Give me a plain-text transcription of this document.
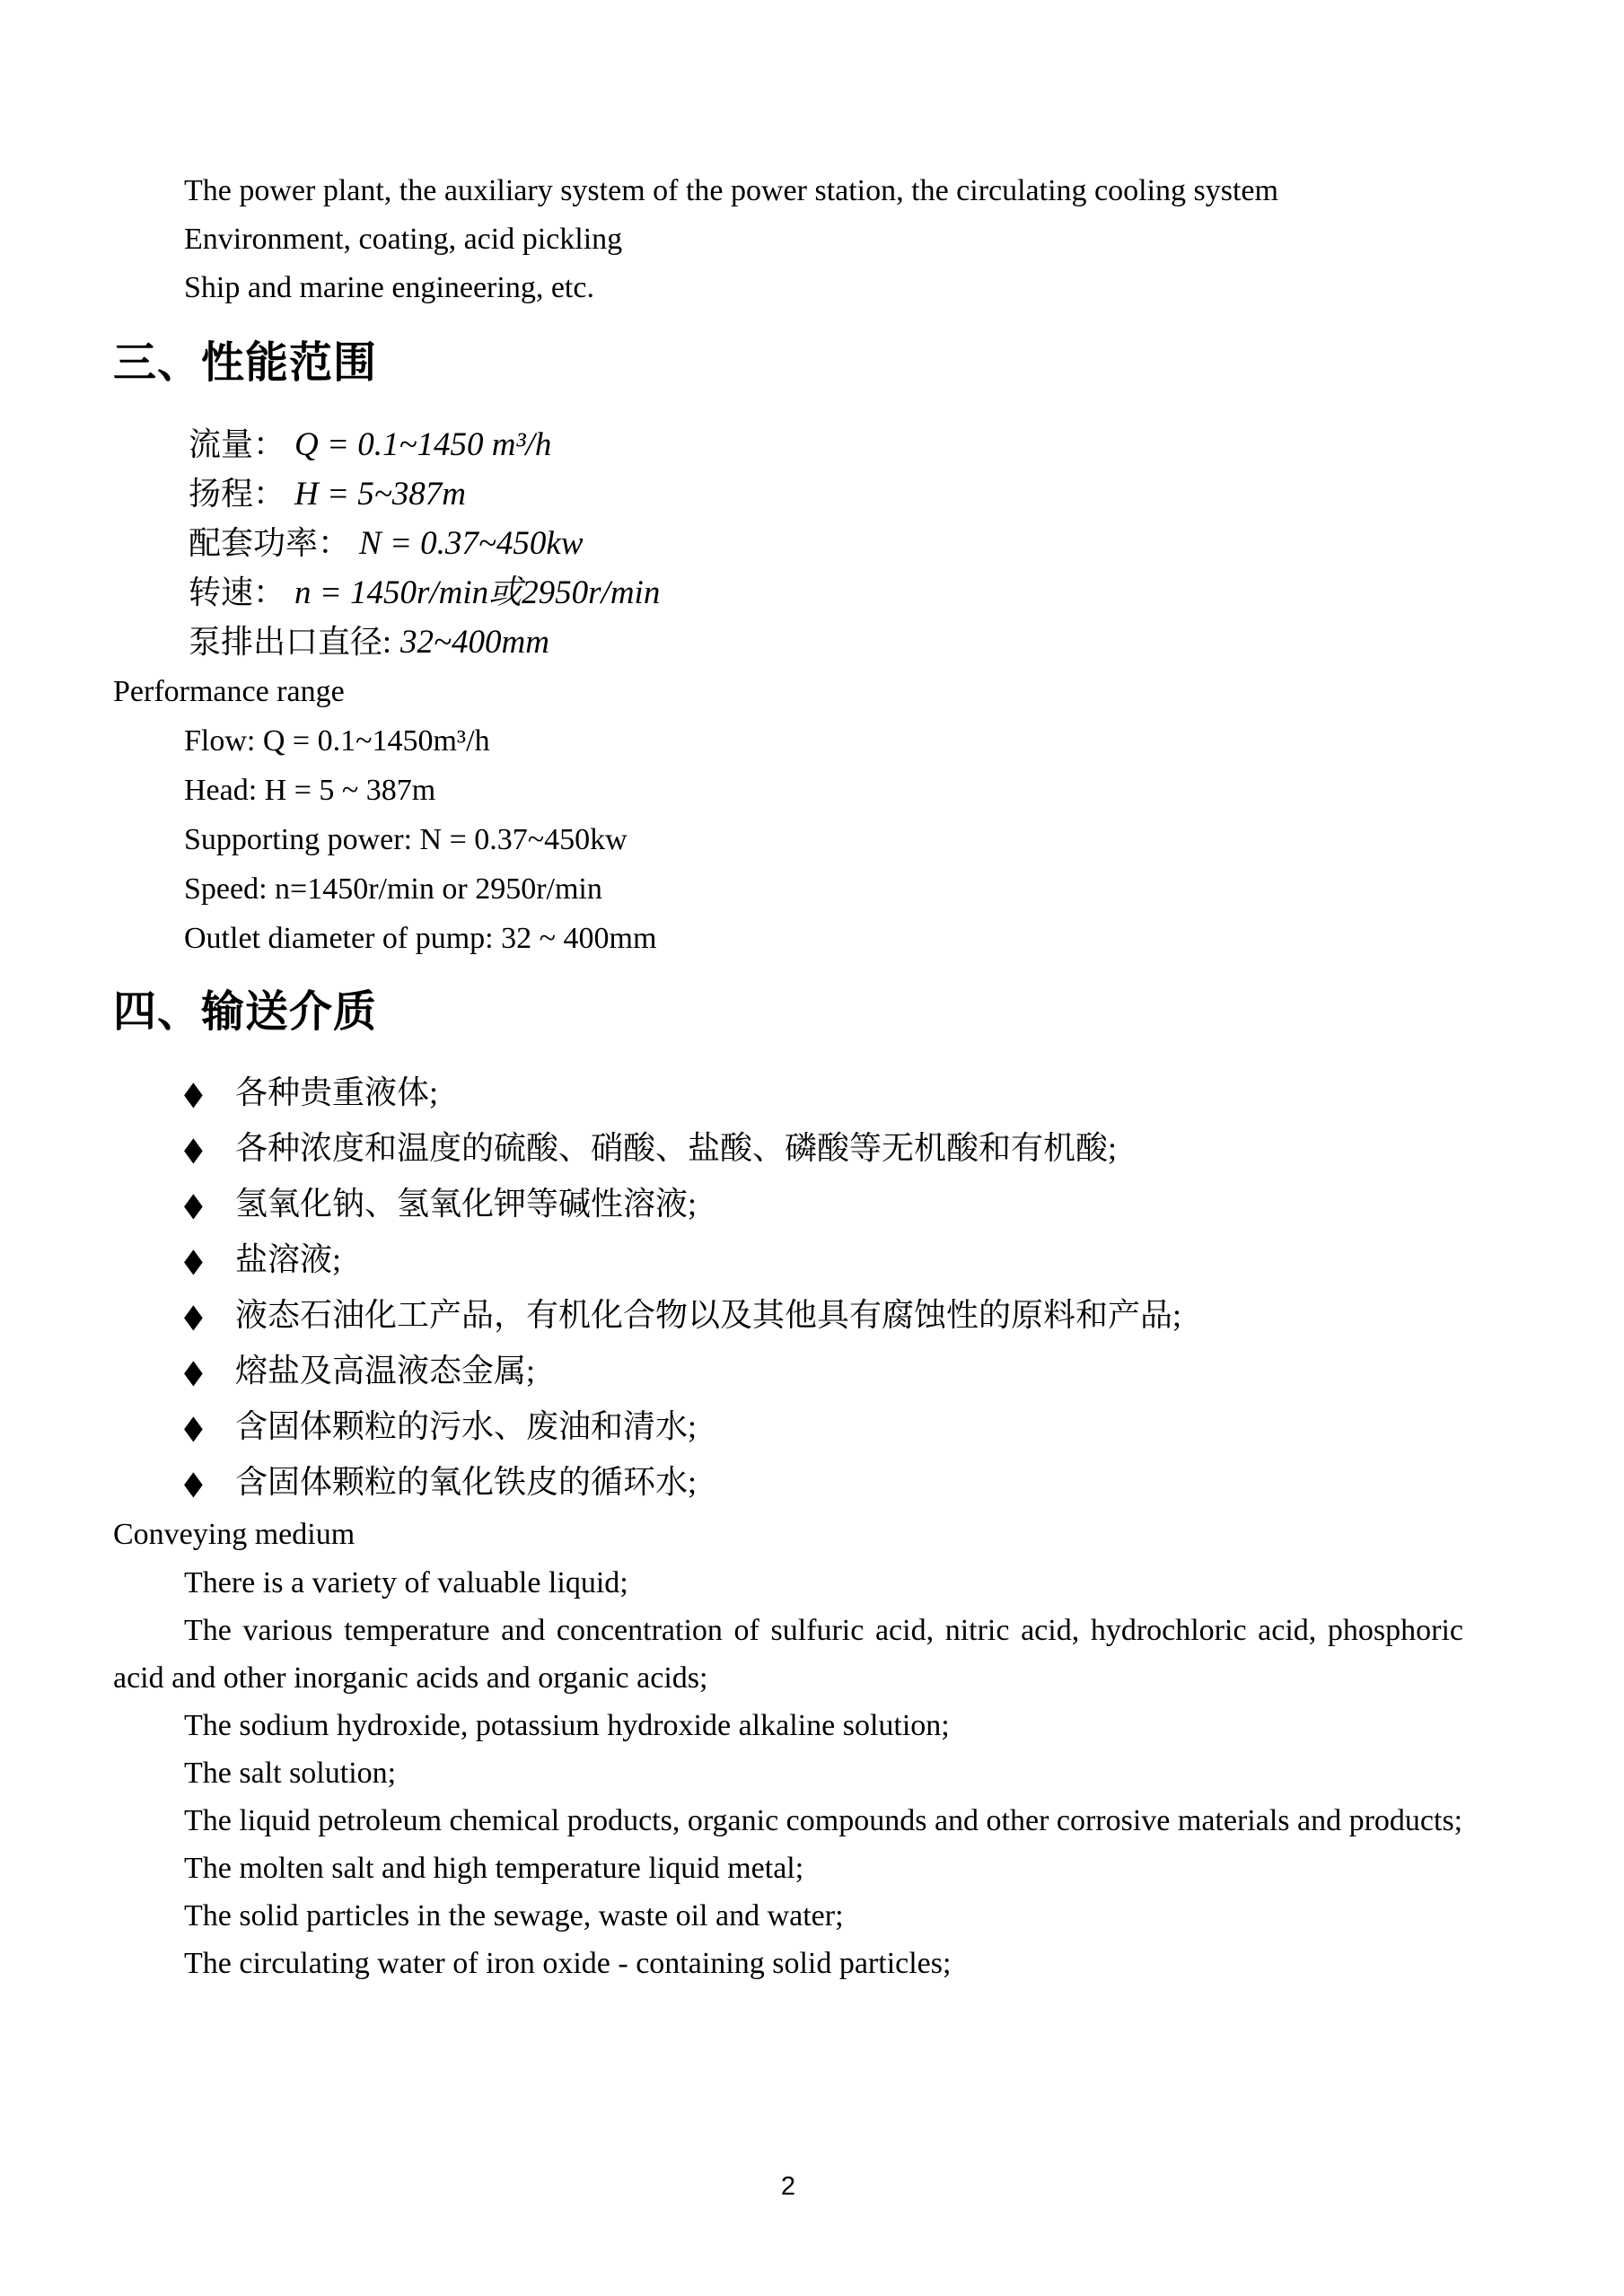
The power plant, the auxiliary system of the power station, the circulating cooling system
Environment, coating, acid pickling
Ship and marine engineering, etc.
三、性能范围
流量： Q = 0.1~1450 m³/h
扬程： H = 5~387m
配套功率： N = 0.37~450kw
转速： n = 1450r/min或2950r/min
泵排出口直径: 32~400mm
Performance range
Flow: Q = 0.1~1450m³/h
Head: H = 5 ~ 387m
Supporting power: N = 0.37~450kw
Speed: n=1450r/min or 2950r/min
Outlet diameter of pump: 32 ~ 400mm
四、输送介质
◆ 各种贵重液体;
◆ 各种浓度和温度的硫酸、硝酸、盐酸、磷酸等无机酸和有机酸;
◆ 氢氧化钠、氢氧化钾等碱性溶液;
◆ 盐溶液;
◆ 液态石油化工产品，有机化合物以及其他具有腐蚀性的原料和产品;
◆ 熔盐及高温液态金属;
◆ 含固体颗粒的污水、废油和清水;
◆ 含固体颗粒的氧化铁皮的循环水;
Conveying medium

There is a variety of valuable liquid;

The various temperature and concentration of sulfuric acid, nitric acid, hydrochloric acid, phosphoric acid and other inorganic acids and organic acids;

The sodium hydroxide, potassium hydroxide alkaline solution;

The salt solution;

The liquid petroleum chemical products, organic compounds and other corrosive materials and products;

The molten salt and high temperature liquid metal;

The solid particles in the sewage, waste oil and water;

The circulating water of iron oxide - containing solid particles;

2
